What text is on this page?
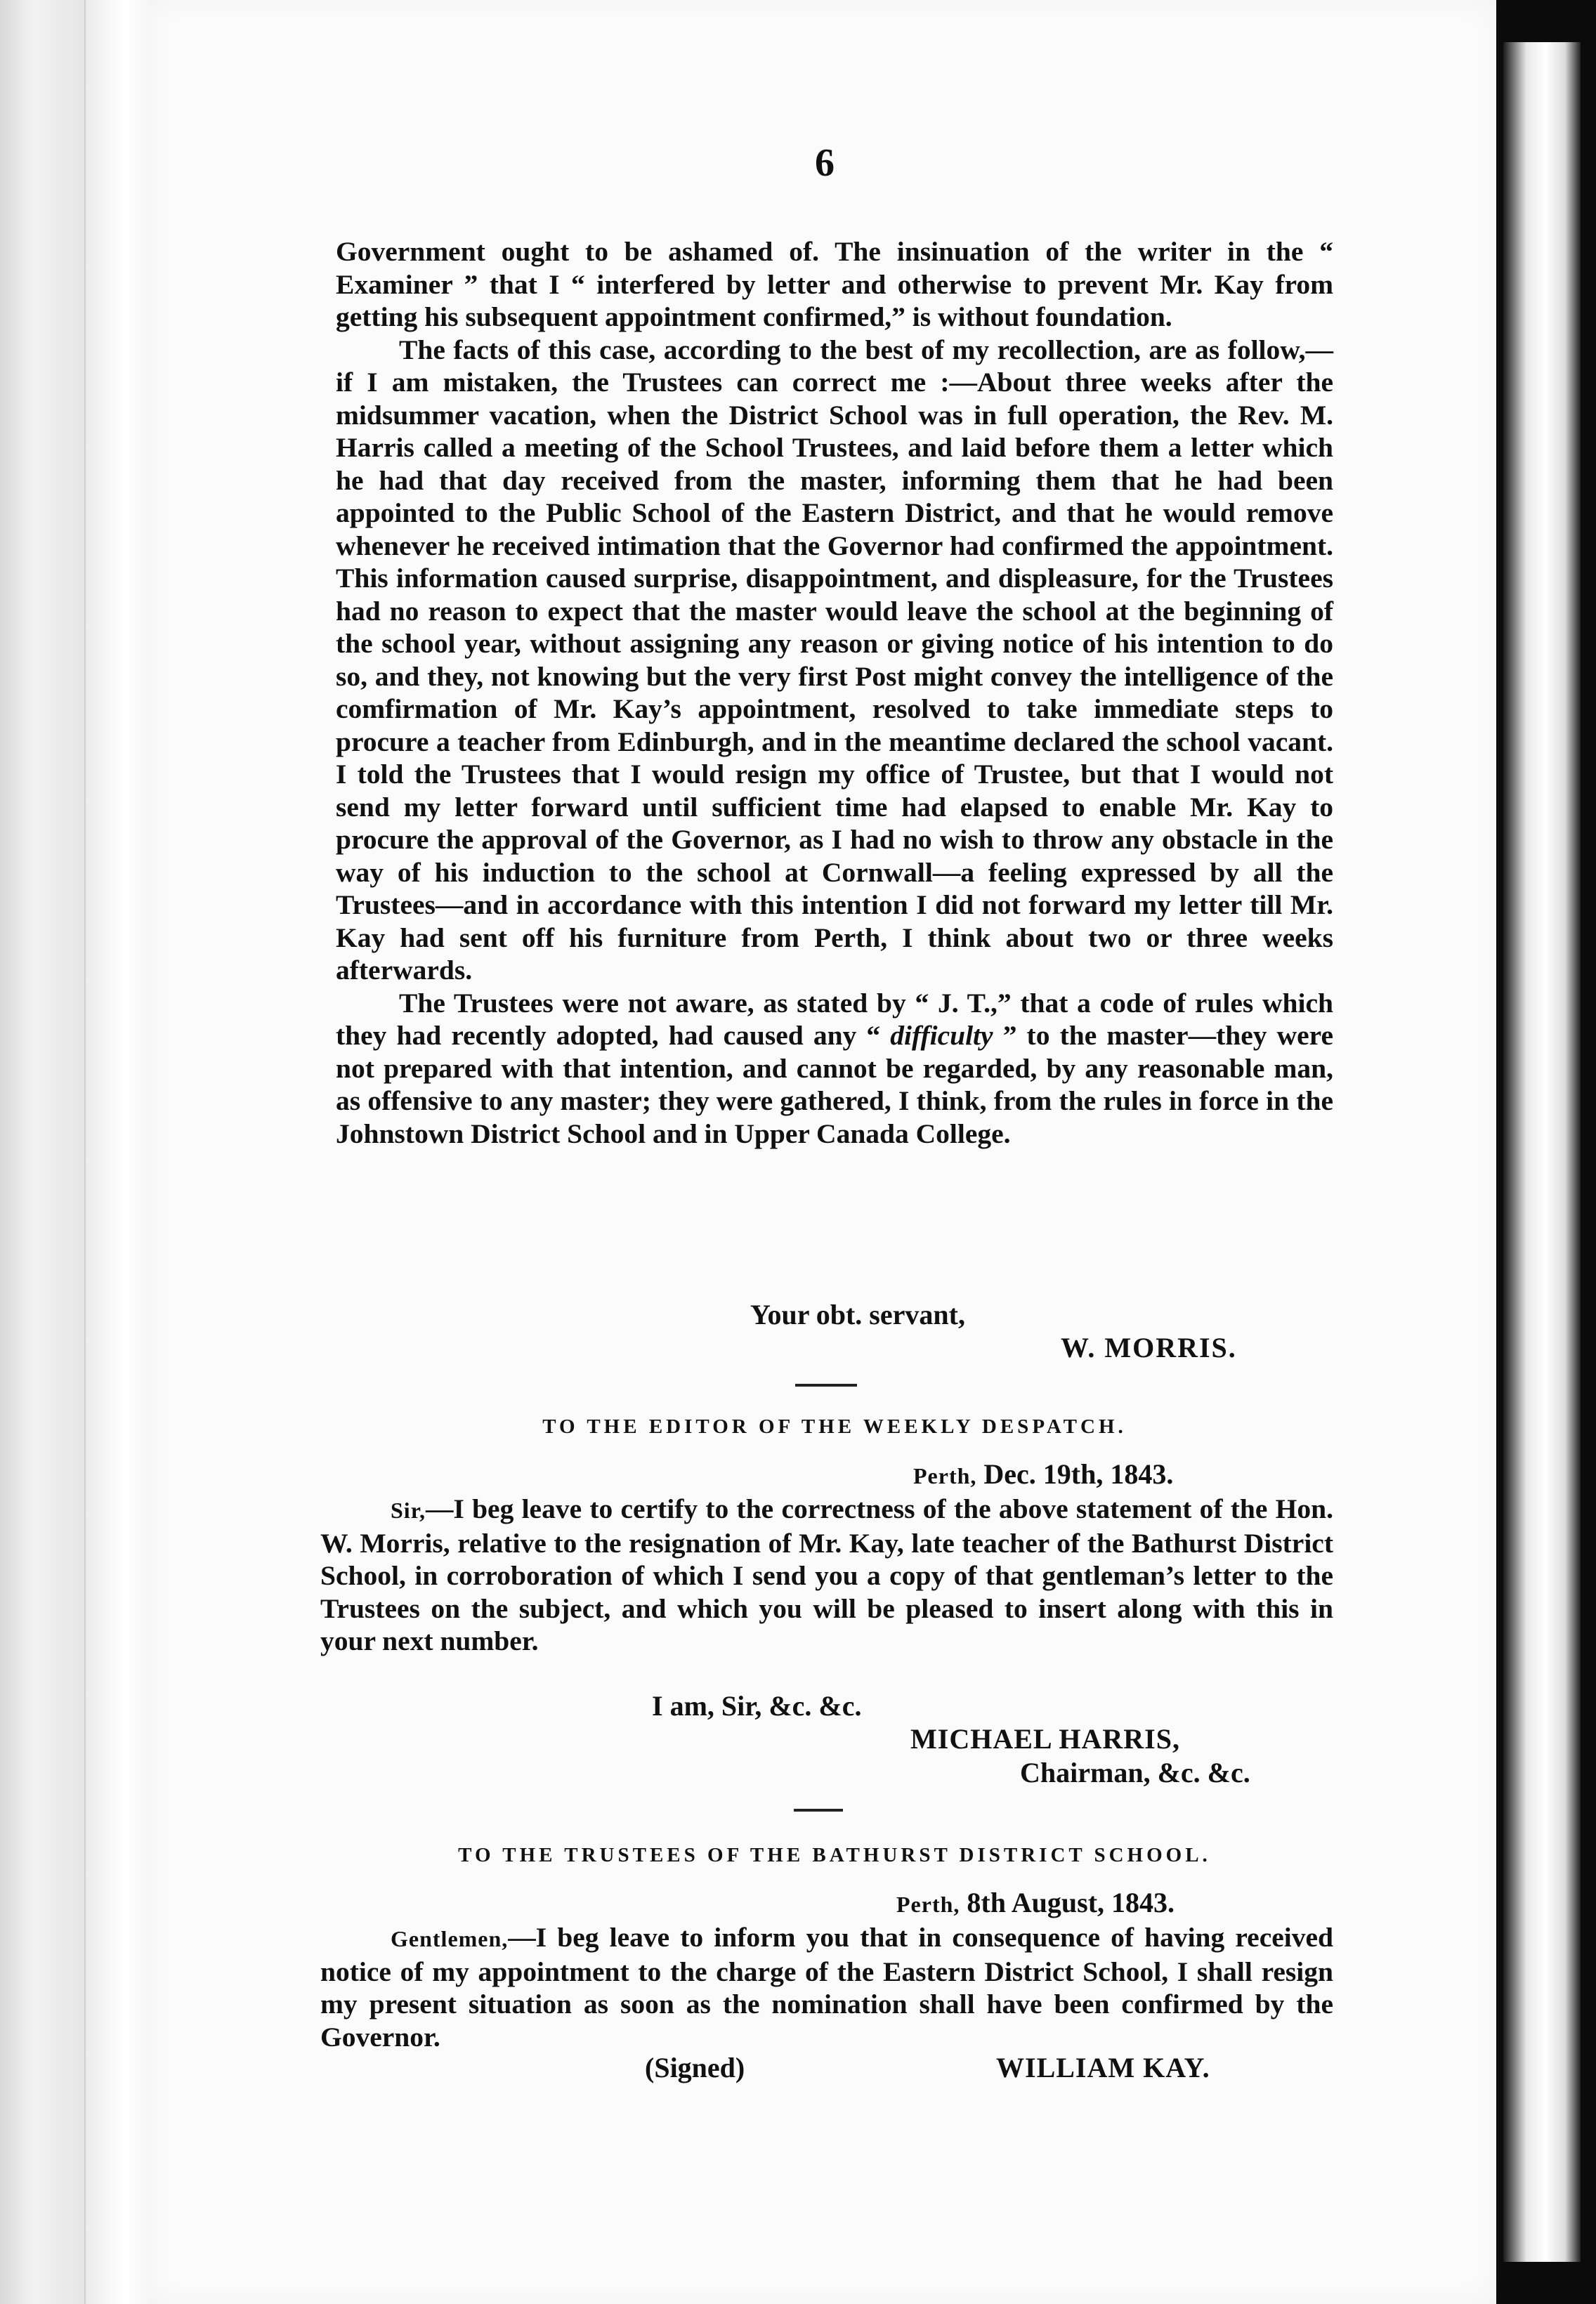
6

Government ought to be ashamed of. The insinuation of the writer in the “ Examiner ” that I “ interfered by letter and otherwise to prevent Mr. Kay from getting his subsequent appointment confirmed,” is without foundation.

The facts of this case, according to the best of my recollection, are as follow,—if I am mistaken, the Trustees can correct me :—About three weeks after the midsummer vacation, when the District School was in full operation, the Rev. M. Harris called a meeting of the School Trustees, and laid before them a letter which he had that day received from the master, informing them that he had been appointed to the Public School of the Eastern District, and that he would remove whenever he received intimation that the Governor had confirmed the appointment. This information caused surprise, disappointment, and displeasure, for the Trustees had no reason to expect that the master would leave the school at the beginning of the school year, without assigning any reason or giving notice of his intention to do so, and they, not knowing but the very first Post might convey the intelligence of the comfirmation of Mr. Kay’s appointment, resolved to take immediate steps to procure a teacher from Edinburgh, and in the meantime declared the school vacant. I told the Trustees that I would resign my office of Trustee, but that I would not send my letter forward until sufficient time had elapsed to enable Mr. Kay to procure the approval of the Governor, as I had no wish to throw any obstacle in the way of his induction to the school at Cornwall—a feeling expressed by all the Trustees—and in accordance with this intention I did not forward my letter till Mr. Kay had sent off his furniture from Perth, I think about two or three weeks afterwards.

The Trustees were not aware, as stated by “ J. T.,” that a code of rules which they had recently adopted, had caused any “ difficulty ” to the master—they were not prepared with that intention, and cannot be regarded, by any reasonable man, as offensive to any master; they were gathered, I think, from the rules in force in the Johnstown District School and in Upper Canada College.

Your obt. servant,
W. MORRIS.
TO THE EDITOR OF THE WEEKLY DESPATCH.
Perth, Dec. 19th, 1843.

Sir,—I beg leave to certify to the correctness of the above statement of the Hon. W. Morris, relative to the resignation of Mr. Kay, late teacher of the Bathurst District School, in corroboration of which I send you a copy of that gentleman’s letter to the Trustees on the subject, and which you will be pleased to insert along with this in your next number.

I am, Sir, &c. &c.
MICHAEL HARRIS,
Chairman, &c. &c.
TO THE TRUSTEES OF THE BATHURST DISTRICT SCHOOL.
Perth, 8th August, 1843.

Gentlemen,—I beg leave to inform you that in consequence of having received notice of my appointment to the charge of the Eastern District School, I shall resign my present situation as soon as the nomination shall have been confirmed by the Governor.

(Signed)	WILLIAM KAY.
